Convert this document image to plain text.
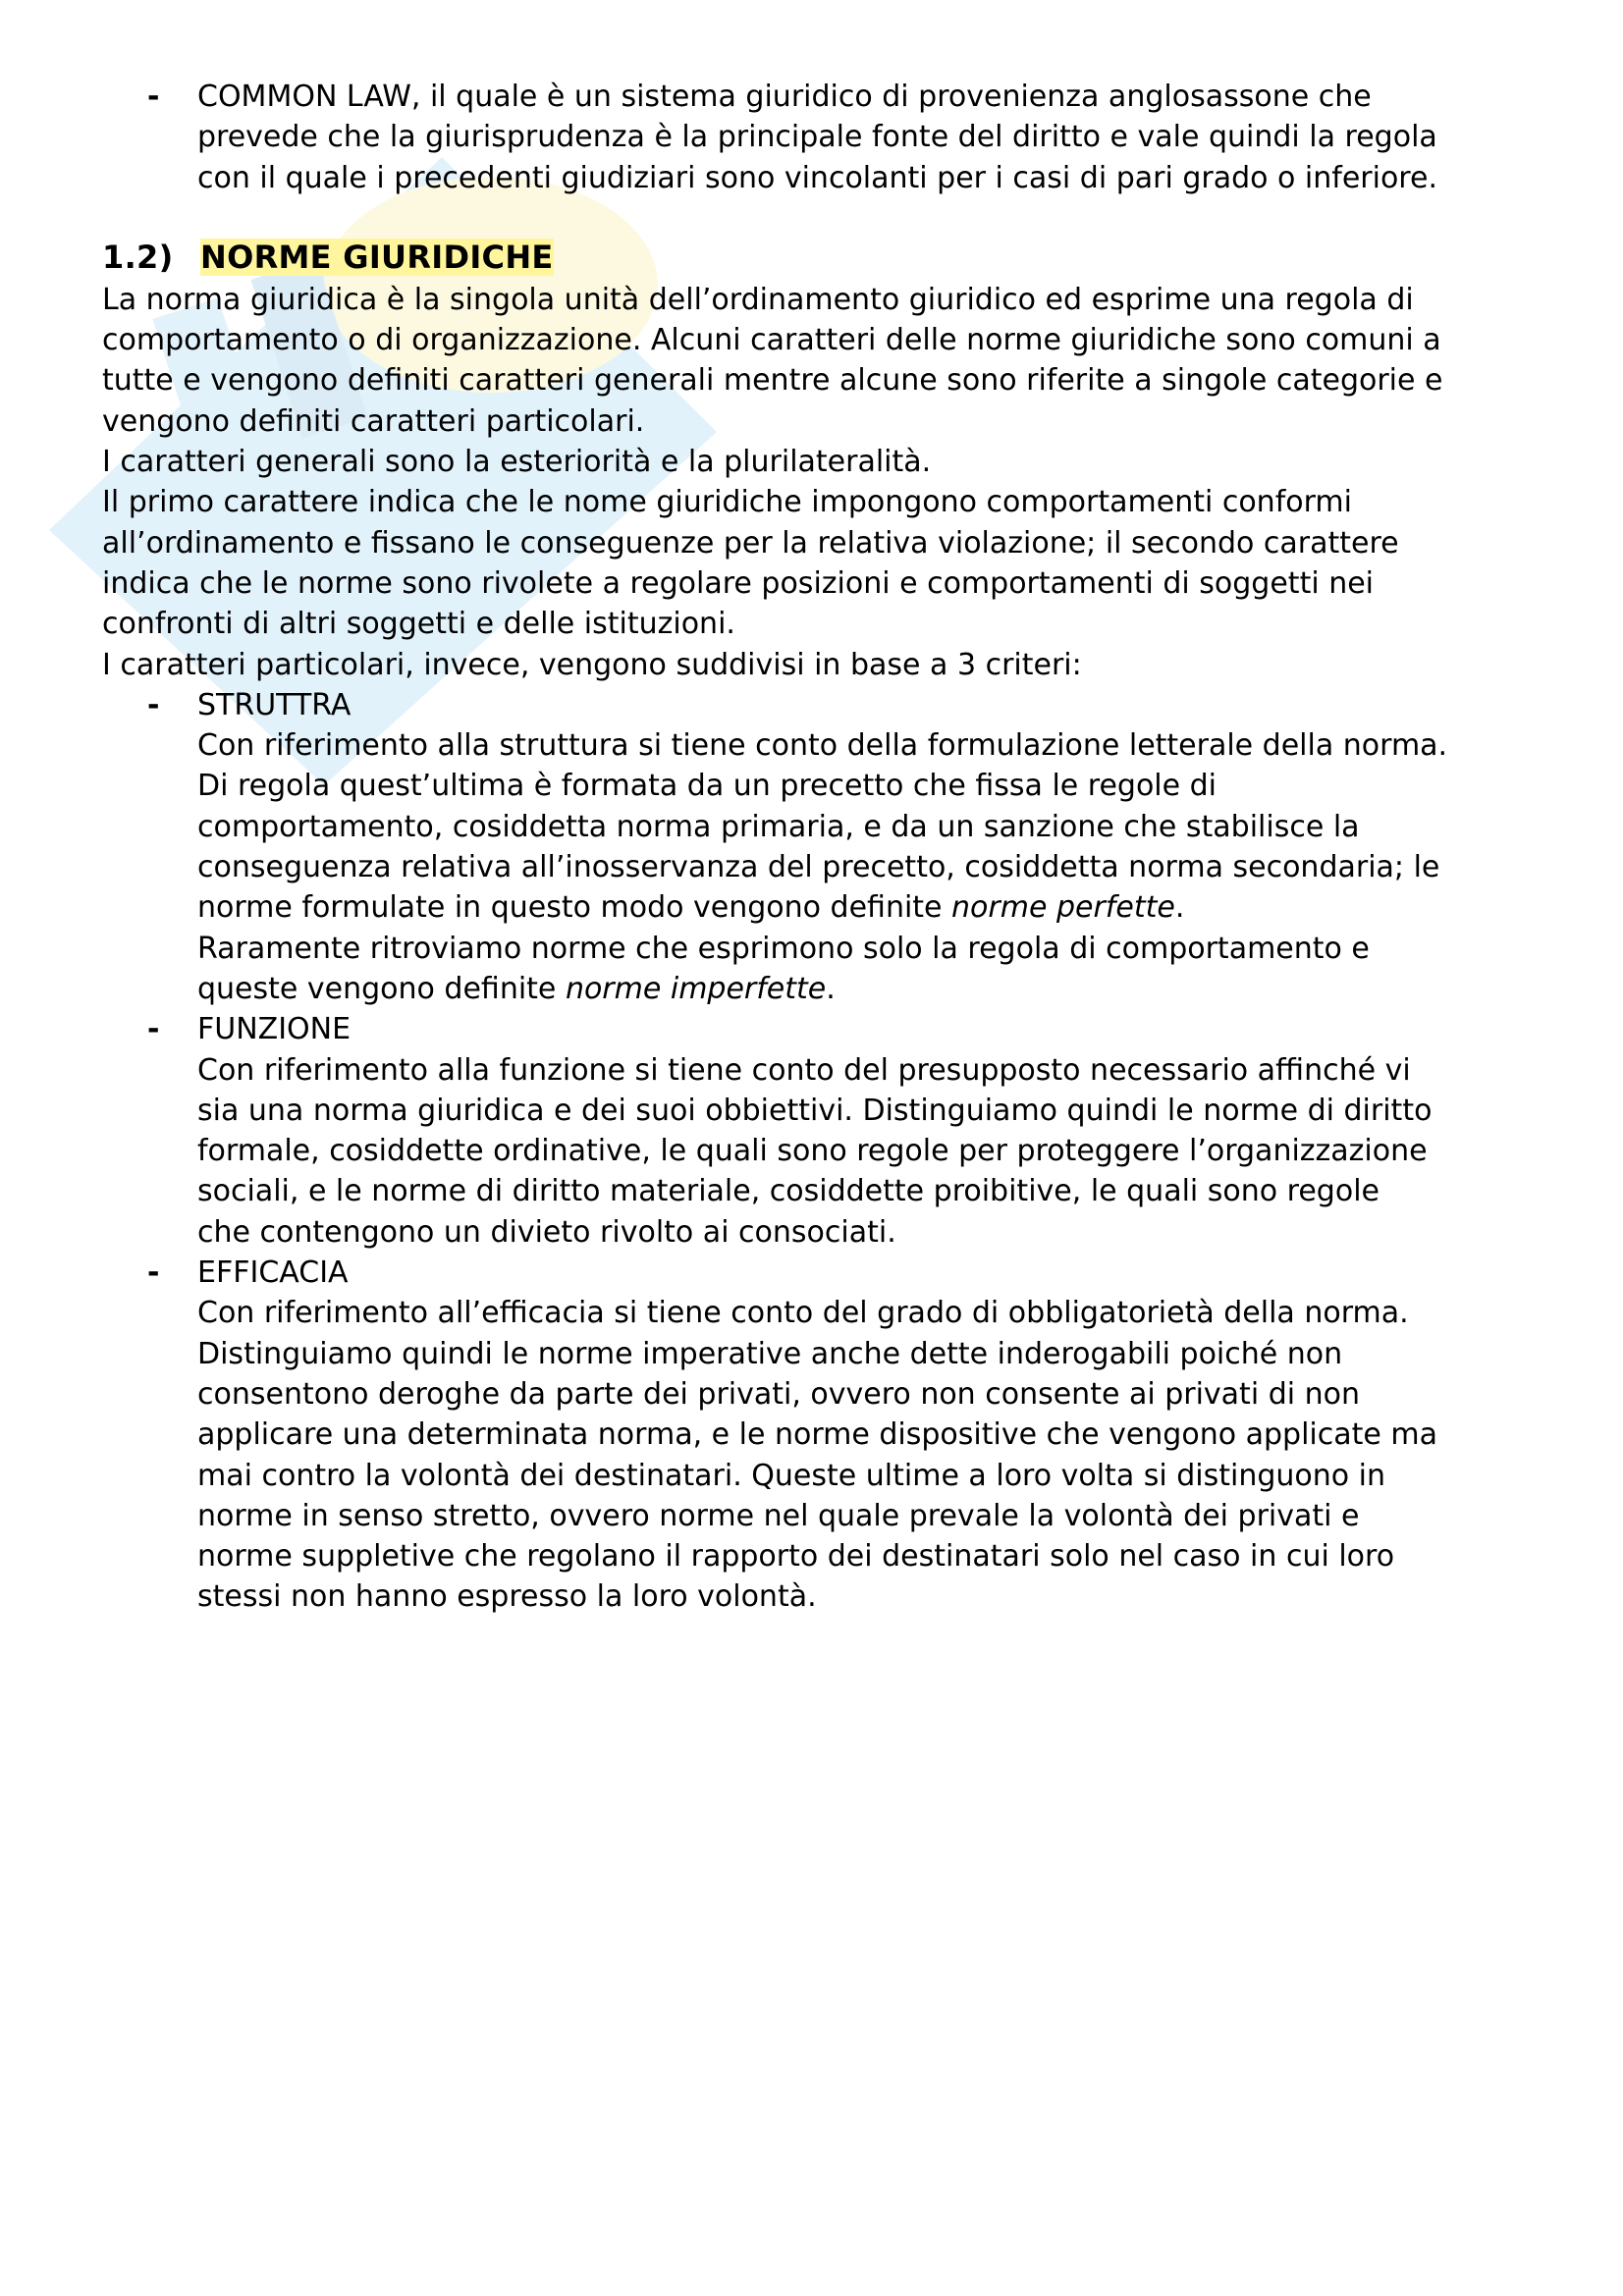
- COMMON LAW, il quale è un sistema giuridico di provenienza anglosassone che
prevede che la giurisprudenza è la principale fonte del diritto e vale quindi la regola
con il quale i precedenti giudiziari sono vincolanti per i casi di pari grado o inferiore.
1.2) NORME GIURIDICHE
La norma giuridica è la singola unità dell’ordinamento giuridico ed esprime una regola di
comportamento o di organizzazione. Alcuni caratteri delle norme giuridiche sono comuni a
tutte e vengono definiti caratteri generali mentre alcune sono riferite a singole categorie e
vengono definiti caratteri particolari.
I caratteri generali sono la esteriorità e la plurilateralità.
Il primo carattere indica che le nome giuridiche impongono comportamenti conformi
all’ordinamento e fissano le conseguenze per la relativa violazione; il secondo carattere
indica che le norme sono rivolete a regolare posizioni e comportamenti di soggetti nei
confronti di altri soggetti e delle istituzioni.
I caratteri particolari, invece, vengono suddivisi in base a 3 criteri:
- STRUTTRA
Con riferimento alla struttura si tiene conto della formulazione letterale della norma.
Di regola quest’ultima è formata da un precetto che fissa le regole di
comportamento, cosiddetta norma primaria, e da un sanzione che stabilisce la
conseguenza relativa all’inosservanza del precetto, cosiddetta norma secondaria; le
norme formulate in questo modo vengono definite norme perfette.
Raramente ritroviamo norme che esprimono solo la regola di comportamento e
queste vengono definite norme imperfette.
- FUNZIONE
Con riferimento alla funzione si tiene conto del presupposto necessario affinché vi
sia una norma giuridica e dei suoi obbiettivi. Distinguiamo quindi le norme di diritto
formale, cosiddette ordinative, le quali sono regole per proteggere l’organizzazione
sociali, e le norme di diritto materiale, cosiddette proibitive, le quali sono regole
che contengono un divieto rivolto ai consociati.
- EFFICACIA
Con riferimento all’efficacia si tiene conto del grado di obbligatorietà della norma.
Distinguiamo quindi le norme imperative anche dette inderogabili poiché non
consentono deroghe da parte dei privati, ovvero non consente ai privati di non
applicare una determinata norma, e le norme dispositive che vengono applicate ma
mai contro la volontà dei destinatari. Queste ultime a loro volta si distinguono in
norme in senso stretto, ovvero norme nel quale prevale la volontà dei privati e
norme suppletive che regolano il rapporto dei destinatari solo nel caso in cui loro
stessi non hanno espresso la loro volontà.
